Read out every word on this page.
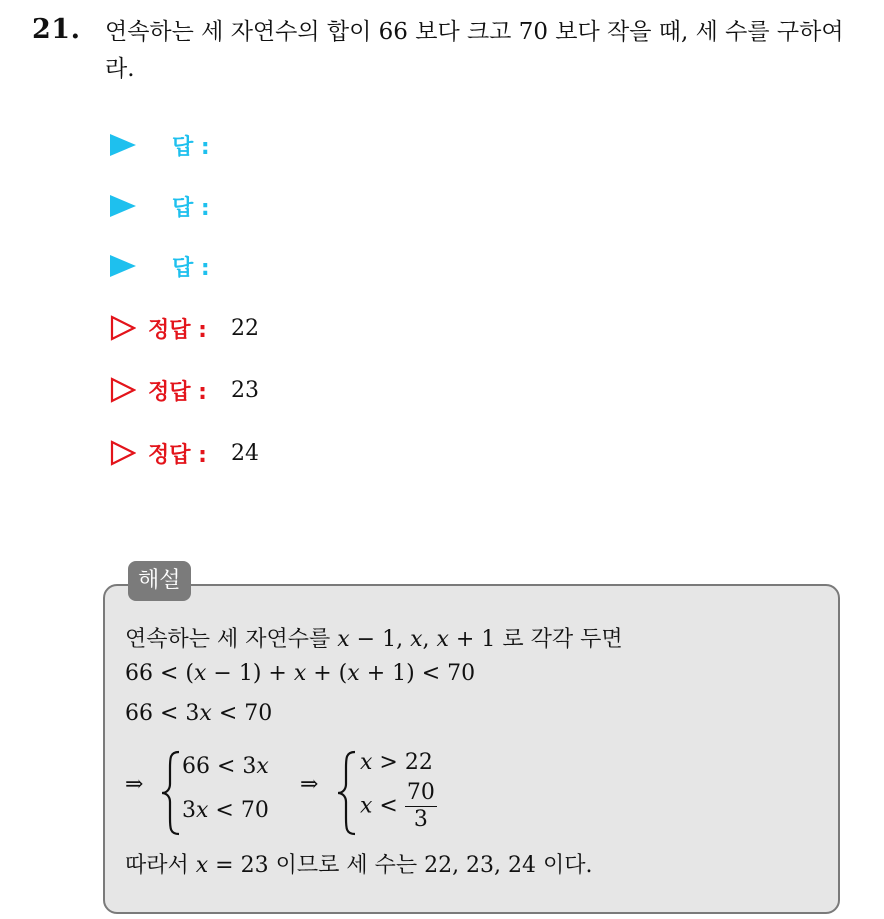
21. 연속하는 세 자연수의 합이 66 보다 크고 70 보다 작을 때, 세 수를 구하여라.
답 :
답 :
답 :
정답 : 22
정답 : 23
정답 : 24
해설
연속하는 세 자연수를 x − 1, x, x + 1 로 각각 두면
66 < (x − 1) + x + (x + 1) < 70
66 < 3x < 70
⇒
66 < 3x
3x < 70
⇒
x > 22
$x < \frac{70}{3}$
따라서 x = 23 이므로 세 수는 22, 23, 24 이다.
